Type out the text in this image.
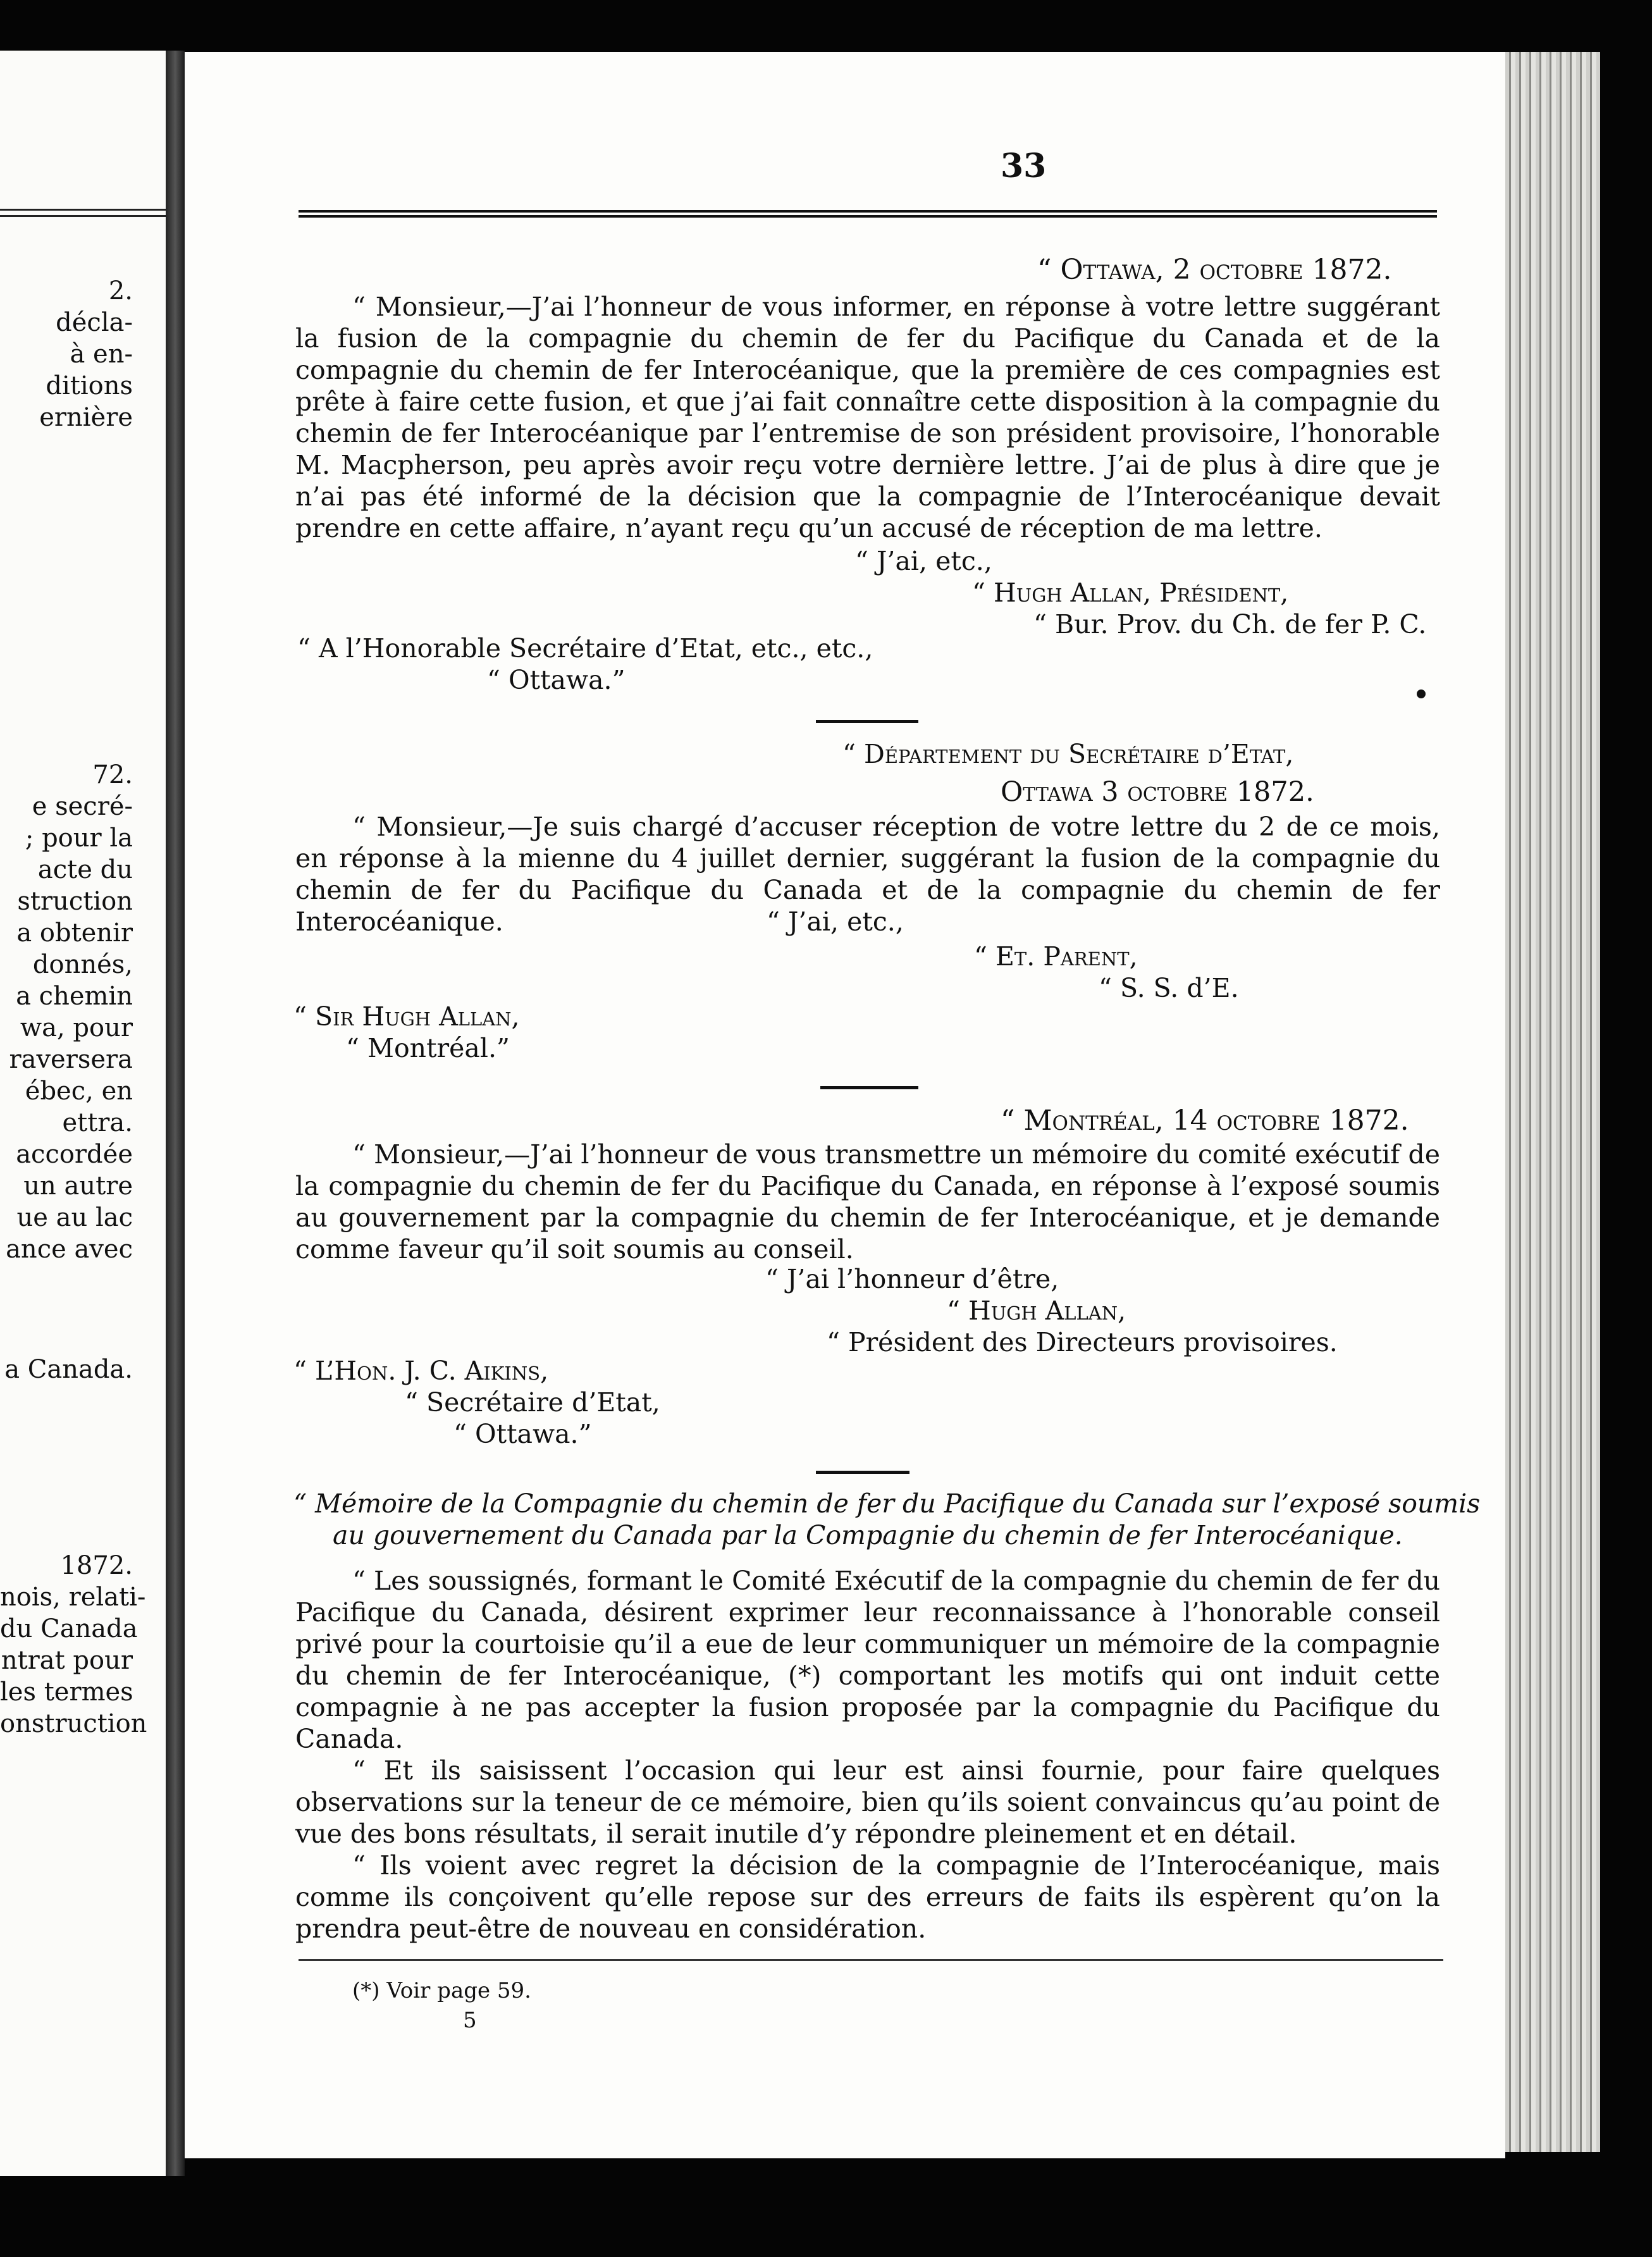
2.
décla-
à en-
ditions
ernière
72.
e secré-
; pour la
acte du
struction
a obtenir
donnés,
a chemin
wa, pour
raversera
ébec, en
ettra.
accordée
un autre
ue au lac
ance avec
a Canada.
1872.
nois, relati-
du Canada
ntrat pour
les termes
onstruction
33
“ Ottawa, 2 octobre 1872.

“ Monsieur,—J’ai l’honneur de vous informer, en réponse à votre lettre suggérant la fusion de la compagnie du chemin de fer du Pacifique du Canada et de la compagnie du chemin de fer Interocéanique, que la première de ces compagnies est prête à faire cette fusion, et que j’ai fait connaître cette disposition à la compagnie du chemin de fer Interocéanique par l’entremise de son président provisoire, l’honorable M. Macpherson, peu après avoir reçu votre dernière lettre. J’ai de plus à dire que je n’ai pas été informé de la décision que la compagnie de l’Interocéanique devait prendre en cette affaire, n’ayant reçu qu’un accusé de réception de ma lettre.

“ J’ai, etc.,
“ Hugh Allan, Président,
“ Bur. Prov. du Ch. de fer P. C.
“ A l’Honorable Secrétaire d’Etat, etc., etc.,
“ Ottawa.”
“ Département du Secrétaire d’Etat,
Ottawa 3 octobre 1872.

“ Monsieur,—Je suis chargé d’accuser réception de votre lettre du 2 de ce mois, en réponse à la mienne du 4 juillet dernier, suggérant la fusion de la compagnie du chemin de fer du Pacifique du Canada et de la compagnie du chemin de fer Interocéanique.	“ J’ai, etc.,
“ Et. Parent,
“ S. S. d’E.
“ Sir Hugh Allan,
“ Montréal.”
“ Montréal, 14 octobre 1872.

“ Monsieur,—J’ai l’honneur de vous transmettre un mémoire du comité exécutif de la compagnie du chemin de fer du Pacifique du Canada, en réponse à l’exposé soumis au gouvernement par la compagnie du chemin de fer Interocéanique, et je demande comme faveur qu’il soit soumis au conseil.

“ J’ai l’honneur d’être,
“ Hugh Allan,
“ Président des Directeurs provisoires.
“ L’Hon. J. C. Aikins,
“ Secrétaire d’Etat,
“ Ottawa.”
“ Mémoire de la Compagnie du chemin de fer du Pacifique du Canada sur l’exposé soumis
au gouvernement du Canada par la Compagnie du chemin de fer Interocéanique.

“ Les soussignés, formant le Comité Exécutif de la compagnie du chemin de fer du Pacifique du Canada, désirent exprimer leur reconnaissance à l’honorable conseil privé pour la courtoisie qu’il a eue de leur communiquer un mémoire de la compagnie du chemin de fer Interocéanique, (*) comportant les motifs qui ont induit cette compagnie à ne pas accepter la fusion proposée par la compagnie du Pacifique du Canada.

“ Et ils saisissent l’occasion qui leur est ainsi fournie, pour faire quelques observations sur la teneur de ce mémoire, bien qu’ils soient convaincus qu’au point de vue des bons résultats, il serait inutile d’y répondre pleinement et en détail.

“ Ils voient avec regret la décision de la compagnie de l’Interocéanique, mais comme ils conçoivent qu’elle repose sur des erreurs de faits ils espèrent qu’on la prendra peut-être de nouveau en considération.

(*) Voir page 59.
5
